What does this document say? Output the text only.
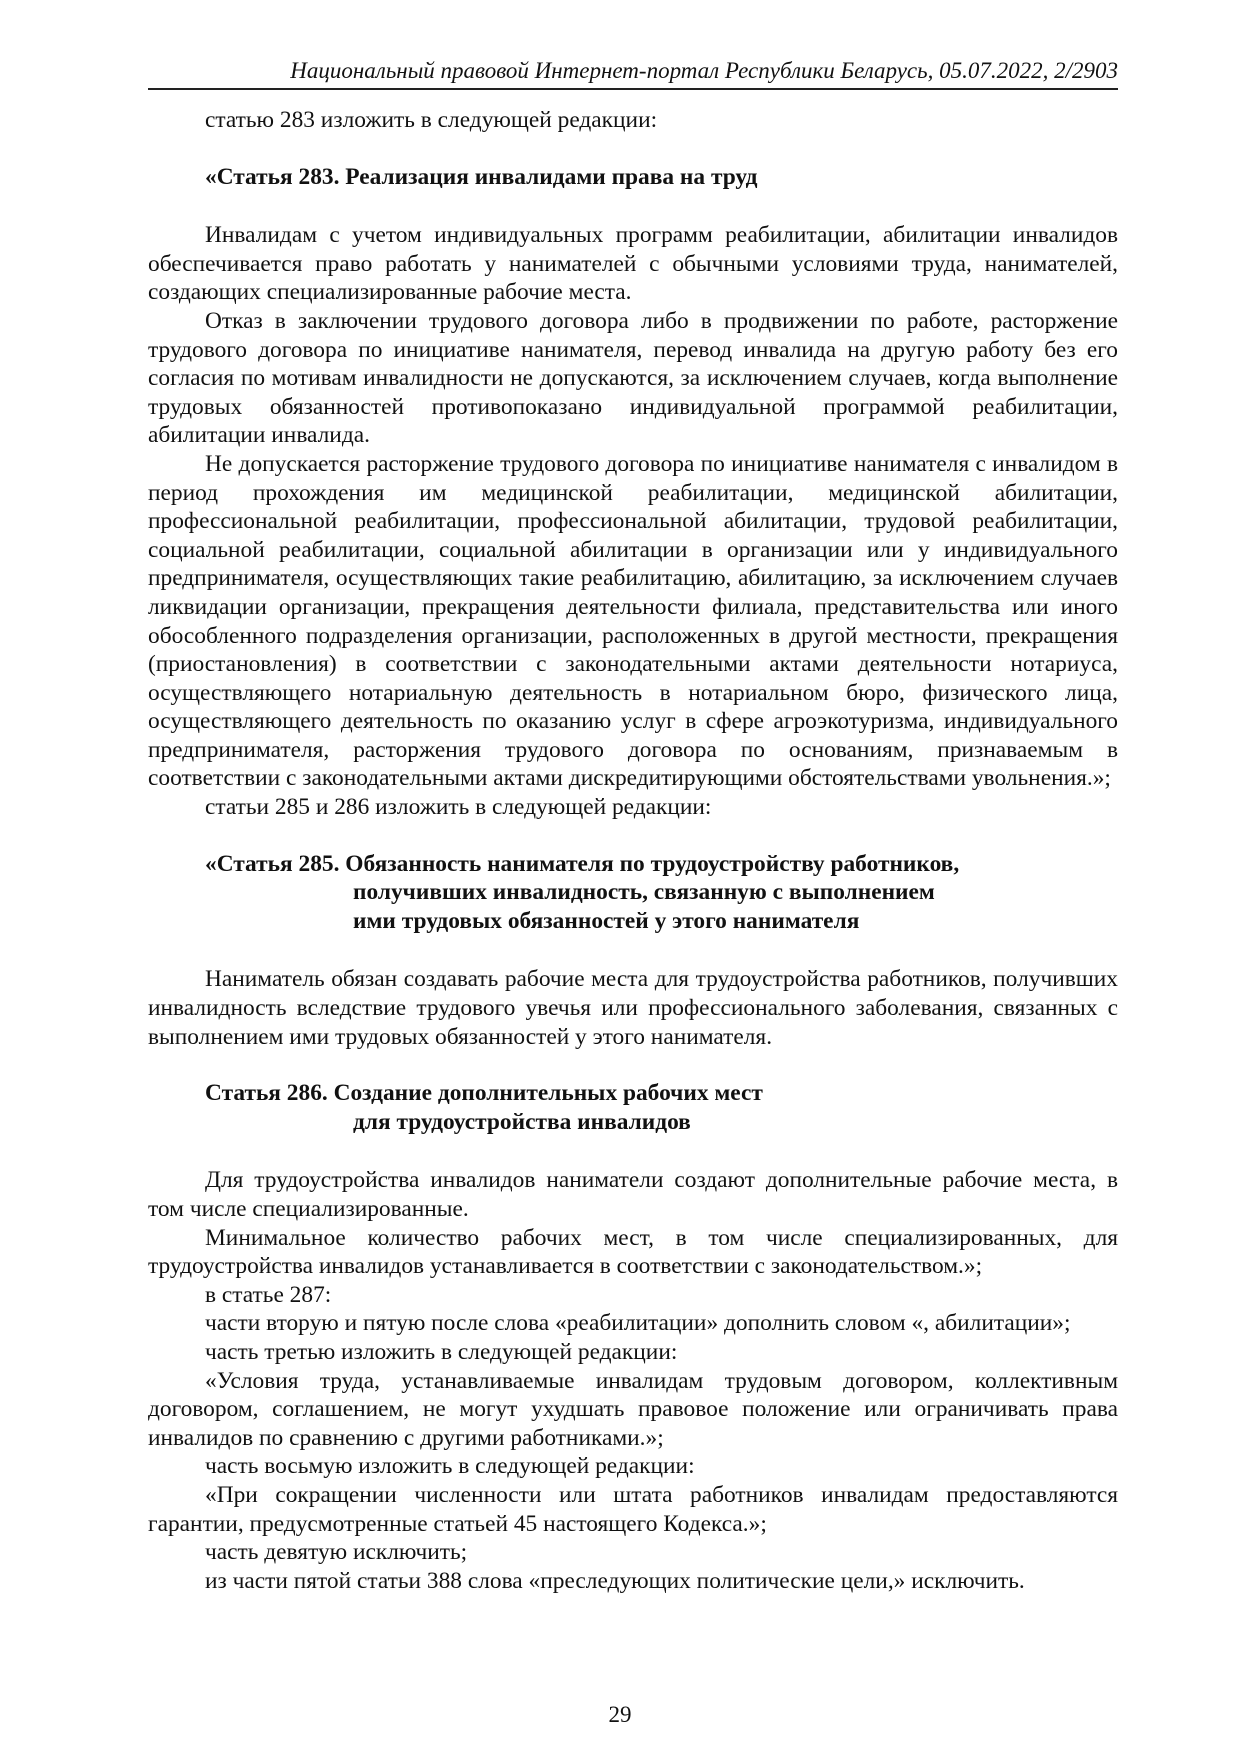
Национальный правовой Интернет-портал Республики Беларусь, 05.07.2022, 2/2903

статью 283 изложить в следующей редакции:

«Статья 283. Реализация инвалидами права на труд

Инвалидам с учетом индивидуальных программ реабилитации, абилитации инвалидов обеспечивается право работать у нанимателей с обычными условиями труда, нанимателей, создающих специализированные рабочие места.

Отказ в заключении трудового договора либо в продвижении по работе, расторжение трудового договора по инициативе нанимателя, перевод инвалида на другую работу без его согласия по мотивам инвалидности не допускаются, за исключением случаев, когда выполнение трудовых обязанностей противопоказано индивидуальной программой реабилитации, абилитации инвалида.

Не допускается расторжение трудового договора по инициативе нанимателя с инвалидом в период прохождения им медицинской реабилитации, медицинской абилитации, профессиональной реабилитации, профессиональной абилитации, трудовой реабилитации, социальной реабилитации, социальной абилитации в организации или у индивидуального предпринимателя, осуществляющих такие реабилитацию, абилитацию, за исключением случаев ликвидации организации, прекращения деятельности филиала, представительства или иного обособленного подразделения организации, расположенных в другой местности, прекращения (приостановления) в соответствии с законодательными актами деятельности нотариуса, осуществляющего нотариальную деятельность в нотариальном бюро, физического лица, осуществляющего деятельность по оказанию услуг в сфере агроэкотуризма, индивидуального предпринимателя, расторжения трудового договора по основаниям, признаваемым в соответствии с законодательными актами дискредитирующими обстоятельствами увольнения.»;

статьи 285 и 286 изложить в следующей редакции:

«Статья 285. Обязанность нанимателя по трудоустройству работников,
получивших инвалидность, связанную с выполнением
ими трудовых обязанностей у этого нанимателя

Наниматель обязан создавать рабочие места для трудоустройства работников, получивших инвалидность вследствие трудового увечья или профессионального заболевания, связанных с выполнением ими трудовых обязанностей у этого нанимателя.

Статья 286. Создание дополнительных рабочих мест
для трудоустройства инвалидов

Для трудоустройства инвалидов наниматели создают дополнительные рабочие места, в том числе специализированные.

Минимальное количество рабочих мест, в том числе специализированных, для трудоустройства инвалидов устанавливается в соответствии с законодательством.»;

в статье 287:

части вторую и пятую после слова «реабилитации» дополнить словом «, абилитации»;

часть третью изложить в следующей редакции:

«Условия труда, устанавливаемые инвалидам трудовым договором, коллективным договором, соглашением, не могут ухудшать правовое положение или ограничивать права инвалидов по сравнению с другими работниками.»;

часть восьмую изложить в следующей редакции:

«При сокращении численности или штата работников инвалидам предоставляются гарантии, предусмотренные статьей 45 настоящего Кодекса.»;

часть девятую исключить;

из части пятой статьи 388 слова «преследующих политические цели,» исключить.

29
